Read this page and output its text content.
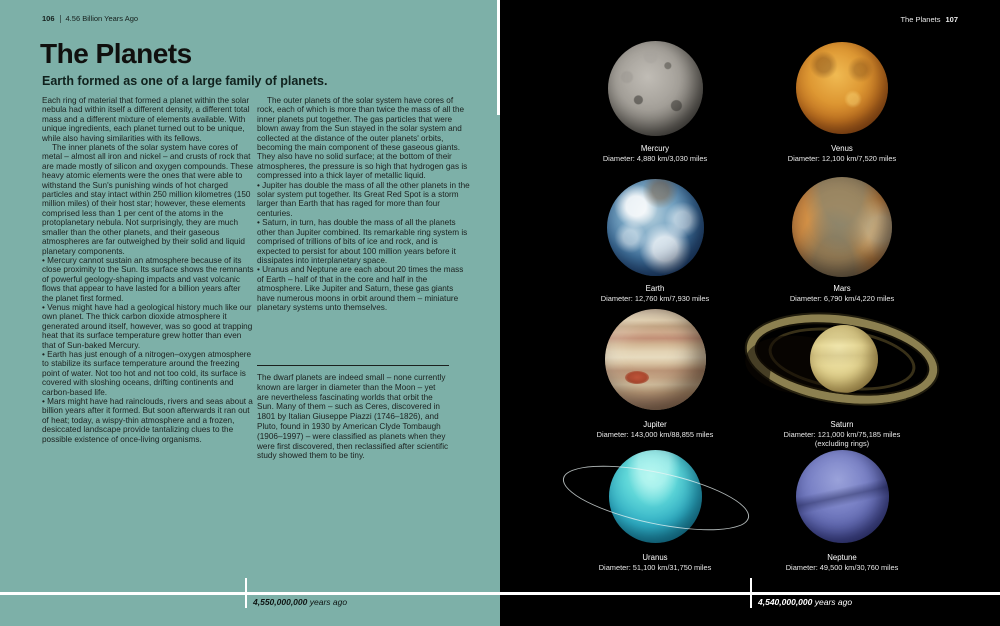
106 4.56 Billion Years Ago
The Planets
Earth formed as one of a large family of planets.

Each ring of material that formed a planet within the solar nebula had within itself a different density, a different total mass and a different mixture of elements available. With unique ingredients, each planet turned out to be unique, while also having similarities with its fellows.

The inner planets of the solar system have cores of metal – almost all iron and nickel – and crusts of rock that are made mostly of silicon and oxygen compounds. These heavy atomic elements were the ones that were able to withstand the Sun's punishing winds of hot charged particles and stay intact within 250 million kilometres (150 million miles) of their host star; however, these elements comprised less than 1 per cent of the atoms in the protoplanetary nebula. Not surprisingly, they are much smaller than the other planets, and their gaseous atmospheres are far outweighed by their solid and liquid planetary components.

• Mercury cannot sustain an atmosphere because of its close proximity to the Sun. Its surface shows the remnants of powerful geology-shaping impacts and vast volcanic flows that appear to have lasted for a billion years after the planet first formed.

• Venus might have had a geological history much like our own planet. The thick carbon dioxide atmosphere it generated around itself, however, was so good at trapping heat that its surface temperature grew hotter than even that of Sun-baked Mercury.

• Earth has just enough of a nitrogen–oxygen atmosphere to stabilize its surface temperature around the freezing point of water. Not too hot and not too cold, its surface is covered with sloshing oceans, drifting continents and carbon-based life.

• Mars might have had rainclouds, rivers and seas about a billion years after it formed. But soon afterwards it ran out of heat; today, a wispy-thin atmosphere and a frozen, desiccated landscape provide tantalizing clues to the possible existence of once-living organisms.

The outer planets of the solar system have cores of rock, each of which is more than twice the mass of all the inner planets put together. The gas particles that were blown away from the Sun stayed in the solar system and collected at the distance of the outer planets' orbits, becoming the main component of these gaseous giants. They also have no solid surface; at the bottom of their atmospheres, the pressure is so high that hydrogen gas is compressed into a thick layer of metallic liquid.

• Jupiter has double the mass of all the other planets in the solar system put together. Its Great Red Spot is a storm larger than Earth that has raged for more than four centuries.

• Saturn, in turn, has double the mass of all the planets other than Jupiter combined. Its remarkable ring system is comprised of trillions of bits of ice and rock, and is expected to persist for about 100 million years before it dissipates into interplanetary space.

• Uranus and Neptune are each about 20 times the mass of Earth – half of that in the core and half in the atmosphere. Like Jupiter and Saturn, these gas giants have numerous moons in orbit around them – miniature planetary systems unto themselves.

The dwarf planets are indeed small – none currently known are larger in diameter than the Moon – yet are nevertheless fascinating worlds that orbit the Sun. Many of them – such as Ceres, discovered in 1801 by Italian Giuseppe Piazzi (1746–1826), and Pluto, found in 1930 by American Clyde Tombaugh (1906–1997) – were classified as planets when they were first discovered, then reclassified after scientific study showed them to be tiny.
The Planets 107
Mercury
Diameter: 4,880 km/3,030 miles
Venus
Diameter: 12,100 km/7,520 miles
Earth
Diameter: 12,760 km/7,930 miles
Mars
Diameter: 6,790 km/4,220 miles
Jupiter
Diameter: 143,000 km/88,855 miles
Saturn
Diameter: 121,000 km/75,185 miles
(excluding rings)
Uranus
Diameter: 51,100 km/31,750 miles
Neptune
Diameter: 49,500 km/30,760 miles
4,550,000,000 years ago	4,540,000,000 years ago
